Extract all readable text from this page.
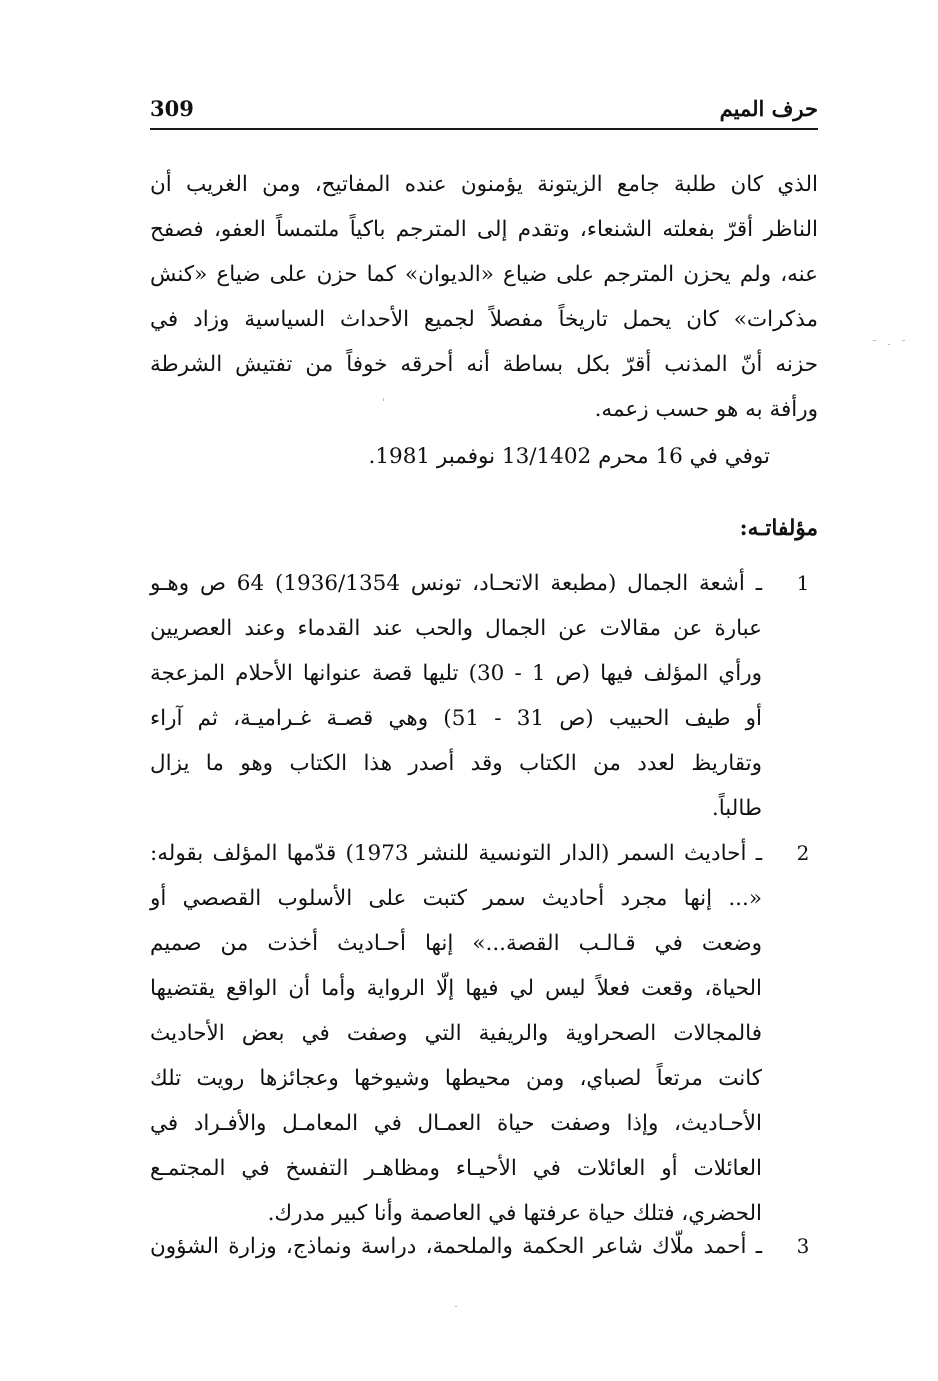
309	حرف الميم
الذي كان طلبة جامع الزيتونة يؤمنون عنده المفاتيح، ومن الغريب أن
الناظر أقرّ بفعلته الشنعاء، وتقدم إلى المترجم باكياً ملتمساً العفو، فصفح
عنه، ولم يحزن المترجم على ضياع «الديوان» كما حزن على ضياع «كنش
مذكرات» كان يحمل تاريخاً مفصلاً لجميع الأحداث السياسية وزاد في
حزنه أنّ المذنب أقرّ بكل بساطة أنه أحرقه خوفاً من تفتيش الشرطة
ورأفة به هو حسب زعمه.
توفي في 16 محرم 13/1402 نوفمبر 1981.
مؤلفاتـه:
1
ـ أشعة الجمال (مطبعة الاتحـاد، تونس 1936/1354) 64 ص وهـو
عبارة عن مقالات عن الجمال والحب عند القدماء وعند العصريين
ورأي المؤلف فيها (ص 1 - 30) تليها قصة عنوانها الأحلام المزعجة
أو طيف الحبيب (ص 31 - 51) وهي قصـة غـراميـة، ثم آراء
وتقاريظ لعدد من الكتاب وقد أصدر هذا الكتاب وهو ما يزال
طالباً.
2
ـ أحاديث السمر (الدار التونسية للنشر 1973) قدّمها المؤلف بقوله:
«... إنها مجرد أحاديث سمر كتبت على الأسلوب القصصي أو
وضعت في قـالـب القصة...» إنها أحـاديث أخذت من صميم
الحياة، وقعت فعلاً ليس لي فيها إلّا الرواية وأما أن الواقع يقتضيها
فالمجالات الصحراوية والريفية التي وصفت في بعض الأحاديث
كانت مرتعاً لصباي، ومن محيطها وشيوخها وعجائزها رويت تلك
الأحـاديث، وإذا وصفت حياة العمـال في المعامـل والأفـراد في
العائلات أو العائلات في الأحيـاء ومظاهـر التفسخ في المجتمـع
الحضري، فتلك حياة عرفتها في العاصمة وأنا كبير مدرك.
3
ـ أحمد ملّاك شاعر الحكمة والملحمة، دراسة ونماذج، وزارة الشؤون
